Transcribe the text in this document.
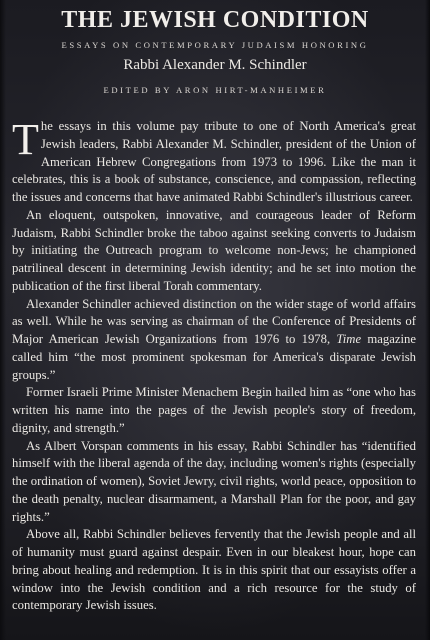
THE JEWISH CONDITION
ESSAYS ON CONTEMPORARY JUDAISM HONORING
Rabbi Alexander M. Schindler
EDITED BY ARON HIRT-MANHEIMER

The essays in this volume pay tribute to one of North America's great Jewish leaders, Rabbi Alexander M. Schindler, president of the Union of American Hebrew Congregations from 1973 to 1996. Like the man it celebrates, this is a book of substance, conscience, and compassion, reflecting the issues and concerns that have animated Rabbi Schindler's illustrious career.

An eloquent, outspoken, innovative, and courageous leader of Reform Judaism, Rabbi Schindler broke the taboo against seeking converts to Judaism by initiating the Outreach program to welcome non-Jews; he championed patrilineal descent in determining Jewish identity; and he set into motion the publication of the first liberal Torah commentary.

Alexander Schindler achieved distinction on the wider stage of world affairs as well. While he was serving as chairman of the Conference of Presidents of Major American Jewish Organizations from 1976 to 1978, Time magazine called him “the most prominent spokesman for America's disparate Jewish groups.”

Former Israeli Prime Minister Menachem Begin hailed him as “one who has written his name into the pages of the Jewish people's story of freedom, dignity, and strength.”

As Albert Vorspan comments in his essay, Rabbi Schindler has “identified himself with the liberal agenda of the day, including women's rights (especially the ordination of women), Soviet Jewry, civil rights, world peace, opposition to the death penalty, nuclear disarmament, a Marshall Plan for the poor, and gay rights.”

Above all, Rabbi Schindler believes fervently that the Jewish people and all of humanity must guard against despair. Even in our bleakest hour, hope can bring about healing and redemption. It is in this spirit that our essayists offer a window into the Jewish condition and a rich resource for the study of contemporary Jewish issues.
